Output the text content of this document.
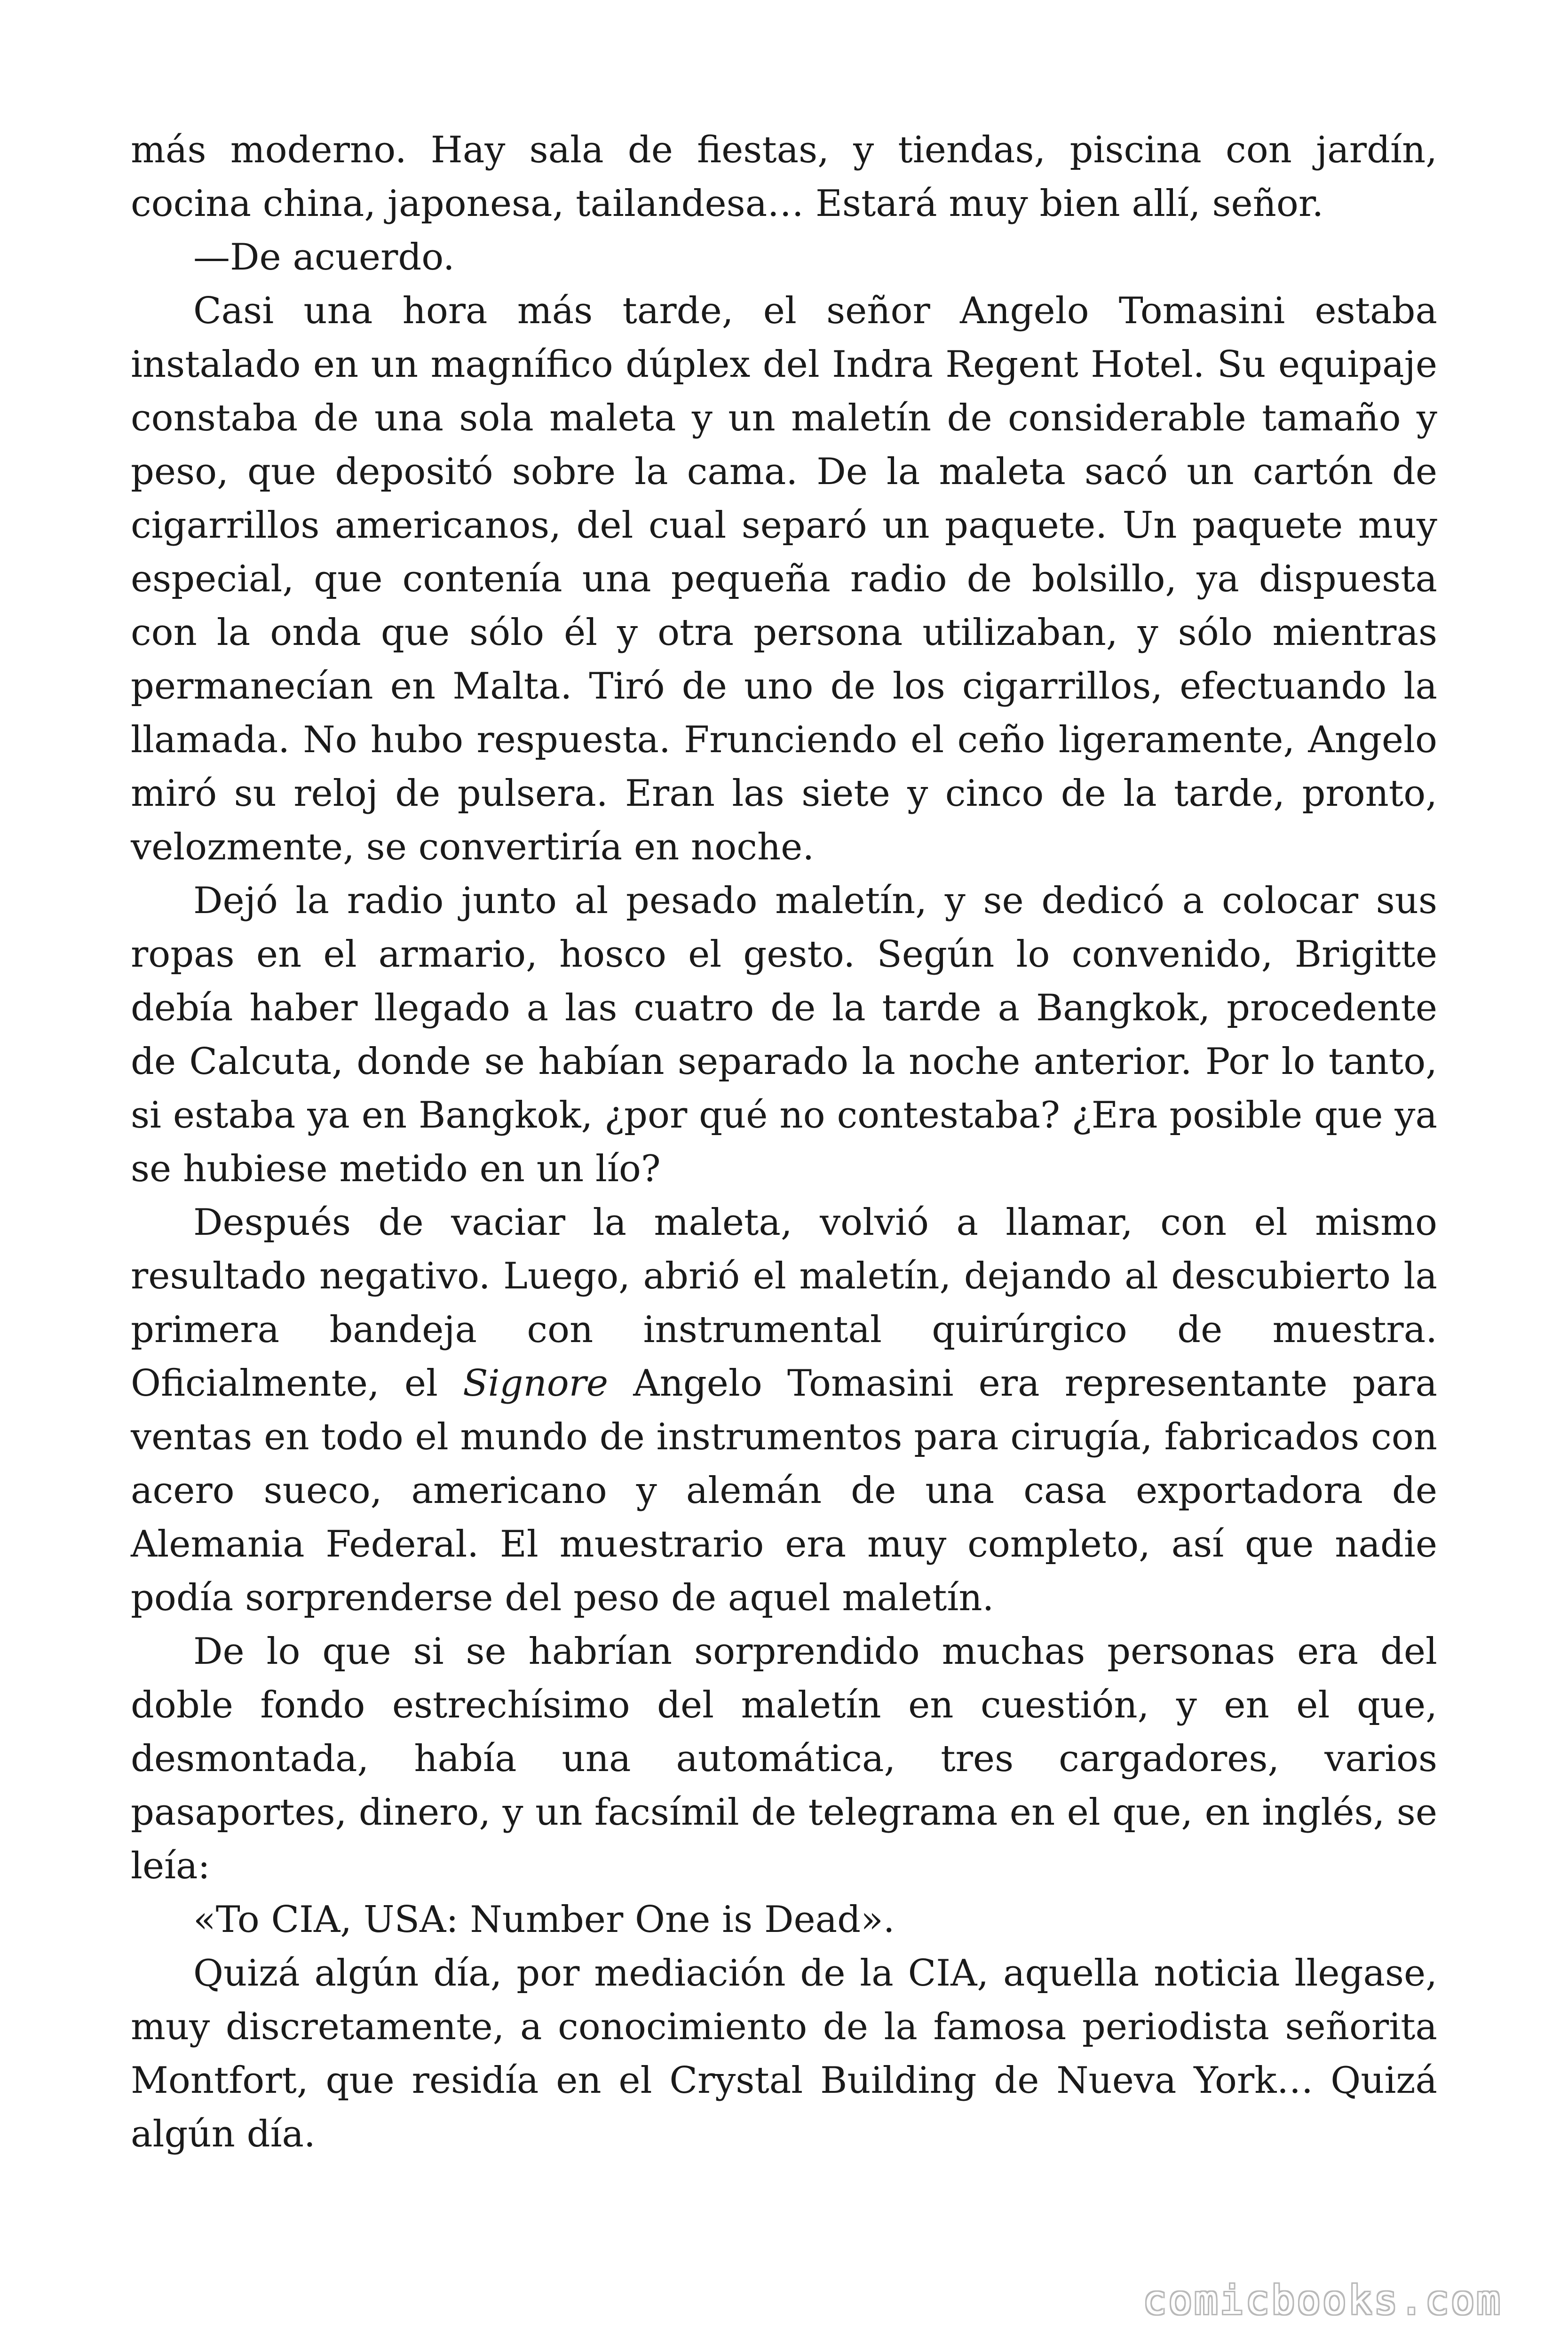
más moderno. Hay sala de fiestas, y tiendas, piscina con jardín, cocina china, japonesa, tailandesa… Estará muy bien allí, señor.

—De acuerdo.

Casi una hora más tarde, el señor Angelo Tomasini estaba instalado en un magnífico dúplex del Indra Regent Hotel. Su equipaje constaba de una sola maleta y un maletín de considerable tamaño y peso, que depositó sobre la cama. De la maleta sacó un cartón de cigarrillos americanos, del cual separó un paquete. Un paquete muy especial, que contenía una pequeña radio de bolsillo, ya dispuesta con la onda que sólo él y otra persona utilizaban, y sólo mientras permanecían en Malta. Tiró de uno de los cigarrillos, efectuando la llamada. No hubo respuesta. Frunciendo el ceño ligeramente, Angelo miró su reloj de pulsera. Eran las siete y cinco de la tarde, pronto, velozmente, se convertiría en noche.

Dejó la radio junto al pesado maletín, y se dedicó a colocar sus ropas en el armario, hosco el gesto. Según lo convenido, Brigitte debía haber llegado a las cuatro de la tarde a Bangkok, procedente de Calcuta, donde se habían separado la noche anterior. Por lo tanto, si estaba ya en Bangkok, ¿por qué no contestaba? ¿Era posible que ya se hubiese metido en un lío?

Después de vaciar la maleta, volvió a llamar, con el mismo resultado negativo. Luego, abrió el maletín, dejando al descubierto la primera bandeja con instrumental quirúrgico de muestra. Oficialmente, el Signore Angelo Tomasini era representante para ventas en todo el mundo de instrumentos para cirugía, fabricados con acero sueco, americano y alemán de una casa exportadora de Alemania Federal. El muestrario era muy completo, así que nadie podía sorprenderse del peso de aquel maletín.

De lo que si se habrían sorprendido muchas personas era del doble fondo estrechísimo del maletín en cuestión, y en el que, desmontada, había una automática, tres cargadores, varios pasaportes, dinero, y un facsímil de telegrama en el que, en inglés, se leía:

«To CIA, USA: Number One is Dead».

Quizá algún día, por mediación de la CIA, aquella noticia llegase, muy discretamente, a conocimiento de la famosa periodista señorita Montfort, que residía en el Crystal Building de Nueva York… Quizá algún día.

comicbooks.com
